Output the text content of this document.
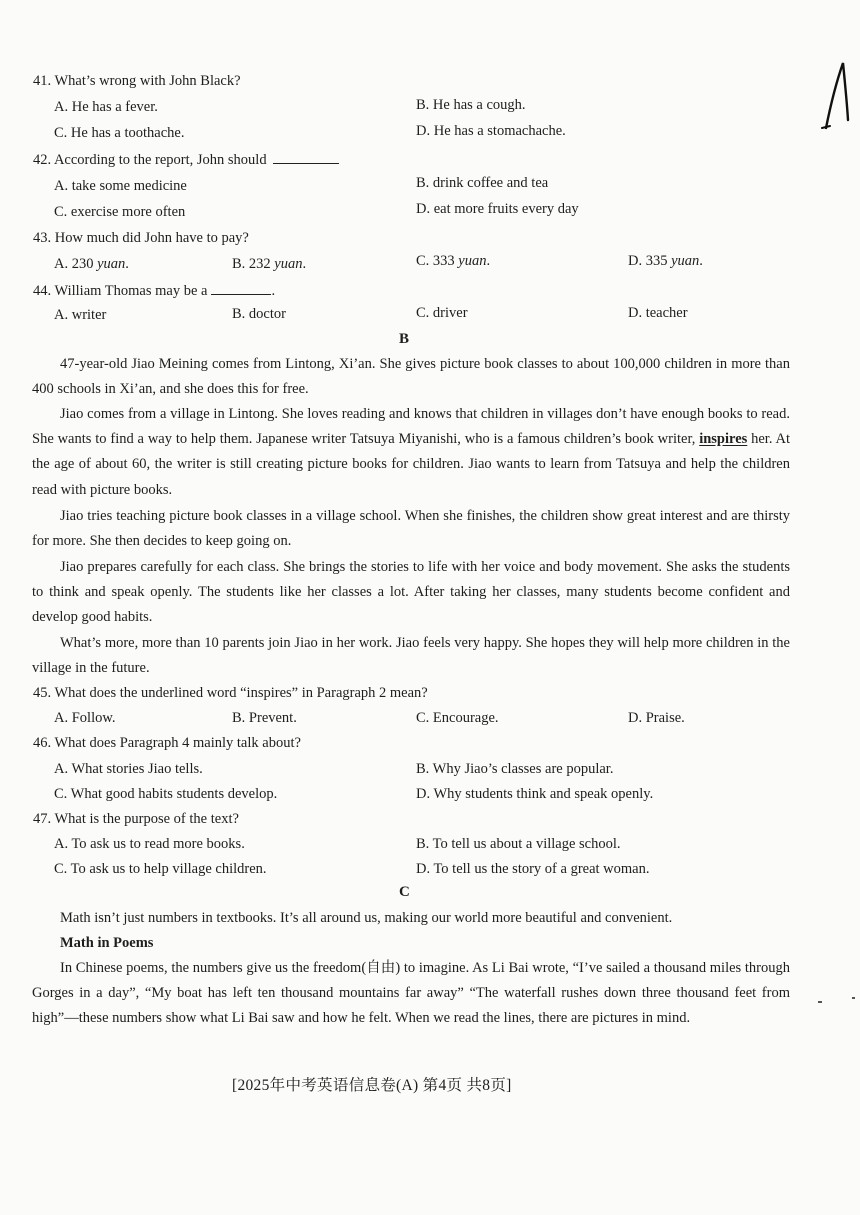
41. What’s wrong with John Black?
A. He has a fever.	B. He has a cough.
C. He has a toothache.	D. He has a stomachache.
42. According to the report, John should
A. take some medicine	B. drink coffee and tea
C. exercise more often	D. eat more fruits every day
43. How much did John have to pay?
A. 230 yuan.	B. 232 yuan.	C. 333 yuan.	D. 335 yuan.
44. William Thomas may be a	.
A. writer	B. doctor	C. driver	D. teacher
B
47-year-old Jiao Meining comes from Lintong, Xi’an. She gives picture book classes to about 100,000 children in more than 400 schools in Xi’an, and she does this for free.
Jiao comes from a village in Lintong. She loves reading and knows that children in villages don’t have enough books to read. She wants to find a way to help them. Japanese writer Tatsuya Miyanishi, who is a famous children’s book writer, inspires her. At the age of about 60, the writer is still creating picture books for children. Jiao wants to learn from Tatsuya and help the children read with picture books.
Jiao tries teaching picture book classes in a village school. When she finishes, the children show great interest and are thirsty for more. She then decides to keep going on.
Jiao prepares carefully for each class. She brings the stories to life with her voice and body movement. She asks the students to think and speak openly. The students like her classes a lot. After taking her classes, many students become confident and develop good habits.
What’s more, more than 10 parents join Jiao in her work. Jiao feels very happy. She hopes they will help more children in the village in the future.
45. What does the underlined word “inspires” in Paragraph 2 mean?
A. Follow.	B. Prevent.	C. Encourage.	D. Praise.
46. What does Paragraph 4 mainly talk about?
A. What stories Jiao tells.	B. Why Jiao’s classes are popular.
C. What good habits students develop.	D. Why students think and speak openly.
47. What is the purpose of the text?
A. To ask us to read more books.	B. To tell us about a village school.
C. To ask us to help village children.	D. To tell us the story of a great woman.
C
Math isn’t just numbers in textbooks. It’s all around us, making our world more beautiful and convenient.
Math in Poems
In Chinese poems, the numbers give us the freedom(自由) to imagine. As Li Bai wrote, “I’ve sailed a thousand miles through Gorges in a day”, “My boat has left ten thousand mountains far away” “The waterfall rushes down three thousand feet from high”—these numbers show what Li Bai saw and how he felt. When we read the lines, there are pictures in mind.
[2025年中考英语信息卷(A) 第4页 共8页]
